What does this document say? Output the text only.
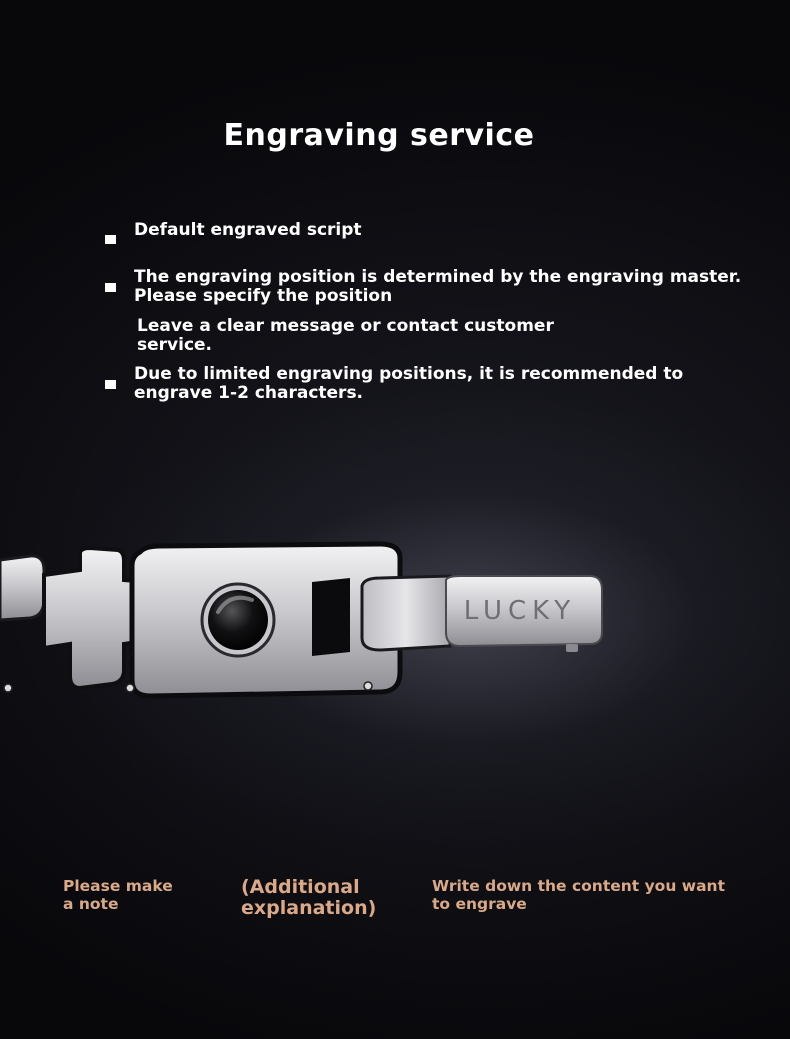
Engraving service
Default engraved script
The engraving position is determined by the engraving master.
Please specify the position
Leave a clear message or contact customer
service.
Due to limited engraving positions, it is recommended to
engrave 1-2 characters.
LUCKY
Please make
a note
(Additional
explanation)
Write down the content you want
to engrave
